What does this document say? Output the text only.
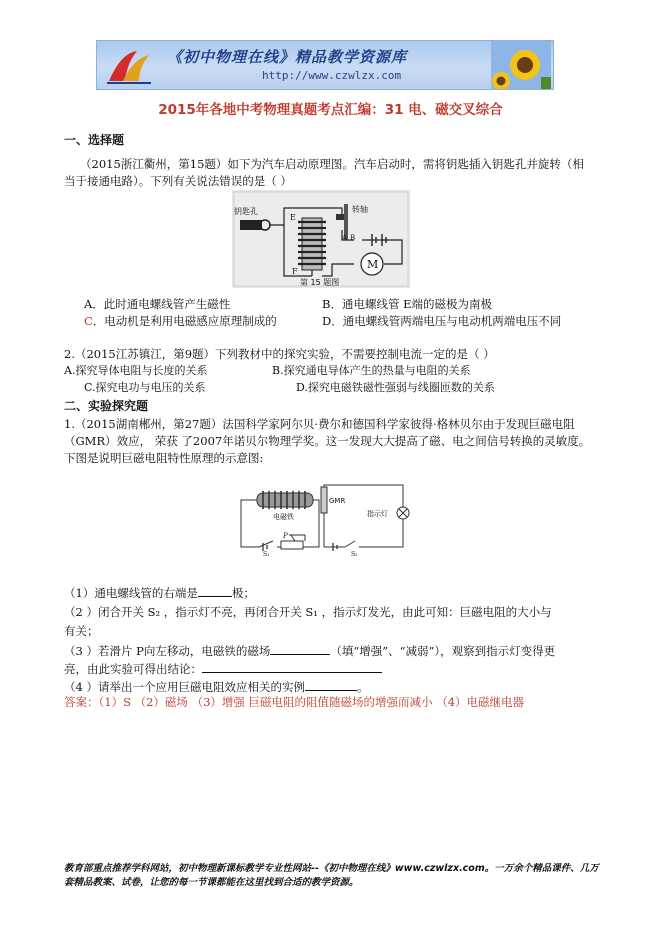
《初中物理在线》精品教学资源库
http://www.czwlzx.com
2015年各地中考物理真题考点汇编：31 电、磁交叉综合
一、选择题
（2015浙江衢州，第15题）如下为汽车启动原理图。汽车启动时，需将钥匙插入钥匙孔并旋转（相
当于接通电路）。下列有关说法错误的是（ ）
钥匙孔
E
F
转轴
A B
M
第 15 题图
A．此时通电螺线管产生磁性	B．通电螺线管 E端的磁极为南极
C．电动机是利用电磁感应原理制成的	D．通电螺线管两端电压与电动机两端电压不同
2.（2015江苏镇江，第9题）下列教材中的探究实验，不需要控制电流一定的是（ ）
A.探究导体电阻与长度的关系	B.探究通电导体产生的热量与电阻的关系
C.探究电功与电压的关系	D.探究电磁铁磁性强弱与线圈匝数的关系
二、实验探究题
1.（2015湖南郴州，第27题）法国科学家阿尔贝·费尔和德国科学家彼得·格林贝尔由于发现巨磁电阻
（GMR）效应， 荣获 了2007年诺贝尔物理学奖。这一发现大大提高了磁、电之间信号转换的灵敏度。
下图是说明巨磁电阻特性原理的示意图:
电磁铁
P
S₁
GMR
S₂
指示灯
（1）通电螺线管的右端是	极；
（2 ）闭合开关 S₂ ，指示灯不亮，再闭合开关 S₁ ，指示灯发光，由此可知：巨磁电阻的大小与
有关；
（3 ）若滑片 P向左移动，电磁铁的磁场	（填“增强”、“减弱”），观察到指示灯变得更
亮，由此实验可得出结论：
（4 ）请举出一个应用巨磁电阻效应相关的实例	。
答案：（1）S （2）磁场 （3）增强 巨磁电阻的阻值随磁场的增强而减小 （4）电磁继电器
教育部重点推荐学科网站，初中物理新课标教学专业性网站--《初中物理在线》www.czwlzx.com。一万余个精品课件、几万套精品教案、试卷，让您的每一节课都能在这里找到合适的教学资源。
